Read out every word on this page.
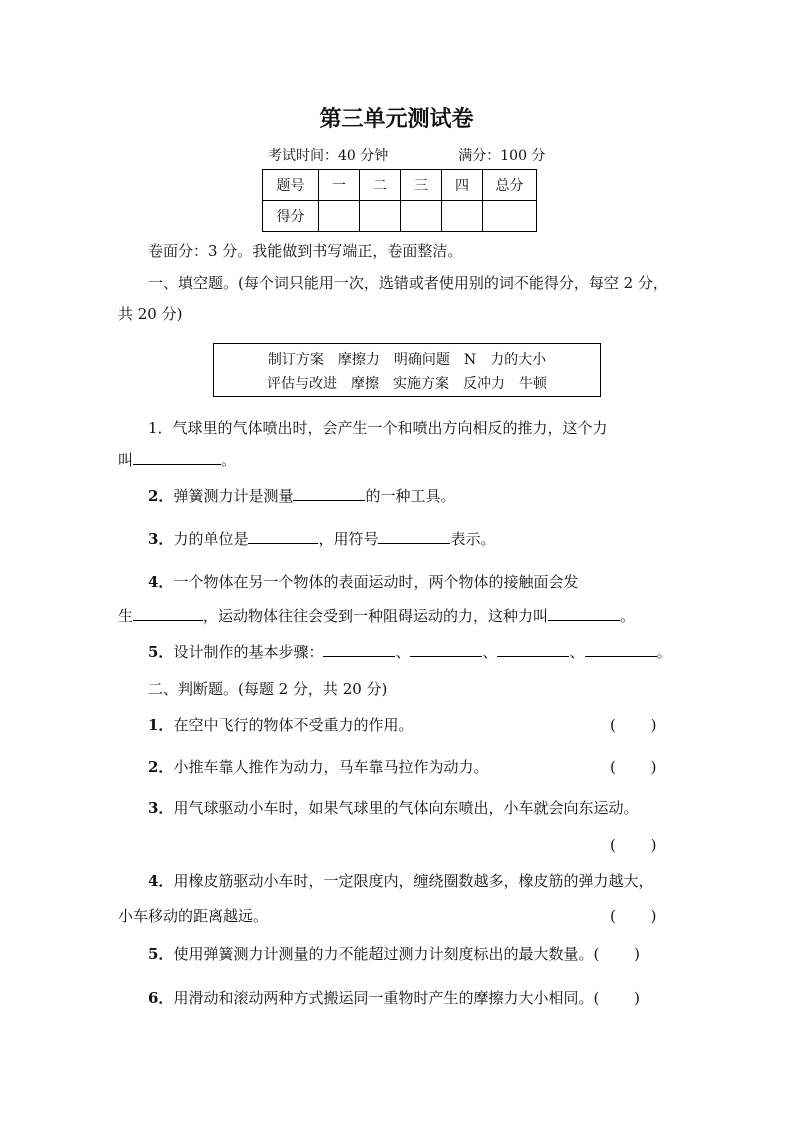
第三单元测试卷
考试时间：40 分钟	满分：100 分
题号	一	二	三	四	总分
得分					
卷面分：3 分。我能做到书写端正，卷面整洁。
一、填空题。(每个词只能用一次，选错或者使用别的词不能得分，每空 2 分，
共 20 分)
制订方案　摩擦力　明确问题　N　力的大小
评估与改进　摩擦　实施方案　反冲力　牛顿
1．气球里的气体喷出时，会产生一个和喷出方向相反的推力，这个力
叫	。
2．弹簧测力计是测量	的一种工具。
3．力的单位是	，用符号	表示。
4．一个物体在另一个物体的表面运动时，两个物体的接触面会发
生	，运动物体往往会受到一种阻碍运动的力，这种力叫	。
5．设计制作的基本步骤：	、	、	、	。
二、判断题。(每题 2 分，共 20 分)
1．在空中飞行的物体不受重力的作用。	(　　 )
2．小推车靠人推作为动力，马车靠马拉作为动力。	(　　 )
3．用气球驱动小车时，如果气球里的气体向东喷出，小车就会向东运动。
(　　 )
4．用橡皮筋驱动小车时，一定限度内，缠绕圈数越多，橡皮筋的弹力越大，
小车移动的距离越远。	(　　 )
5．使用弹簧测力计测量的力不能超过测力计刻度标出的最大数量。(　　 )
6．用滑动和滚动两种方式搬运同一重物时产生的摩擦力大小相同。(　　 )
